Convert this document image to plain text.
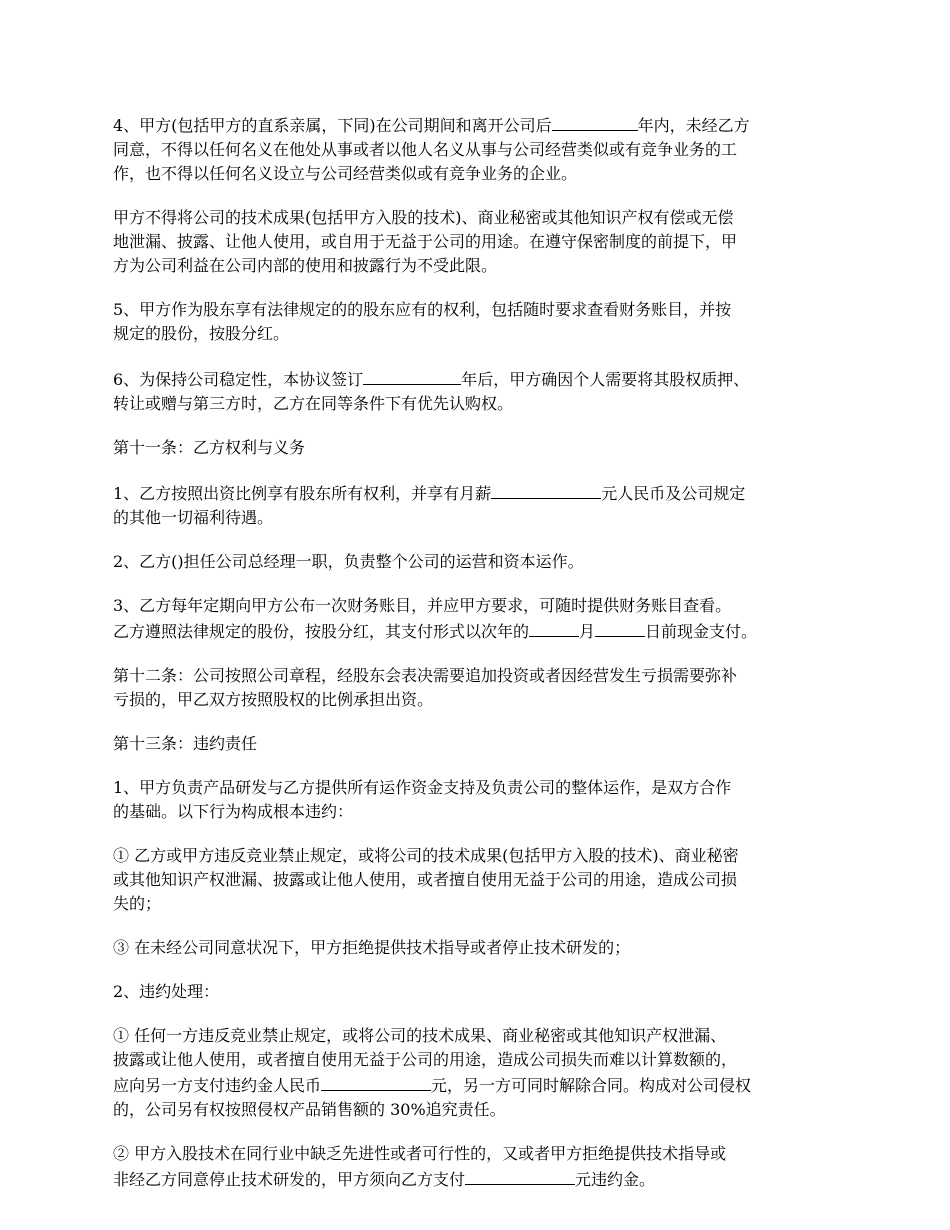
4、甲方(包括甲方的直系亲属，下同)在公司期间和离开公司后	年内，未经乙方
同意，不得以任何名义在他处从事或者以他人名义从事与公司经营类似或有竞争业务的工
作，也不得以任何名义设立与公司经营类似或有竞争业务的企业。

甲方不得将公司的技术成果(包括甲方入股的技术)、商业秘密或其他知识产权有偿或无偿
地泄漏、披露、让他人使用，或自用于无益于公司的用途。在遵守保密制度的前提下，甲
方为公司利益在公司内部的使用和披露行为不受此限。

5、甲方作为股东享有法律规定的的股东应有的权利，包括随时要求查看财务账目，并按
规定的股份，按股分红。

6、为保持公司稳定性，本协议签订	年后，甲方确因个人需要将其股权质押、
转让或赠与第三方时，乙方在同等条件下有优先认购权。

第十一条：乙方权利与义务

1、乙方按照出资比例享有股东所有权利，并享有月薪	元人民币及公司规定
的其他一切福利待遇。

2、乙方()担任公司总经理一职，负责整个公司的运营和资本运作。

3、乙方每年定期向甲方公布一次财务账目，并应甲方要求，可随时提供财务账目查看。
乙方遵照法律规定的股份，按股分红，其支付形式以次年的	月	日前现金支付。

第十二条：公司按照公司章程，经股东会表决需要追加投资或者因经营发生亏损需要弥补
亏损的，甲乙双方按照股权的比例承担出资。

第十三条：违约责任

1、甲方负责产品研发与乙方提供所有运作资金支持及负责公司的整体运作，是双方合作
的基础。以下行为构成根本违约：

① 乙方或甲方违反竞业禁止规定，或将公司的技术成果(包括甲方入股的技术)、商业秘密
或其他知识产权泄漏、披露或让他人使用，或者擅自使用无益于公司的用途，造成公司损
失的；

③ 在未经公司同意状况下，甲方拒绝提供技术指导或者停止技术研发的；

2、违约处理：

① 任何一方违反竞业禁止规定，或将公司的技术成果、商业秘密或其他知识产权泄漏、
披露或让他人使用，或者擅自使用无益于公司的用途，造成公司损失而难以计算数额的，
应向另一方支付违约金人民币	元，另一方可同时解除合同。构成对公司侵权
的，公司另有权按照侵权产品销售额的 30%追究责任。

② 甲方入股技术在同行业中缺乏先进性或者可行性的，又或者甲方拒绝提供技术指导或
非经乙方同意停止技术研发的，甲方须向乙方支付	元违约金。
